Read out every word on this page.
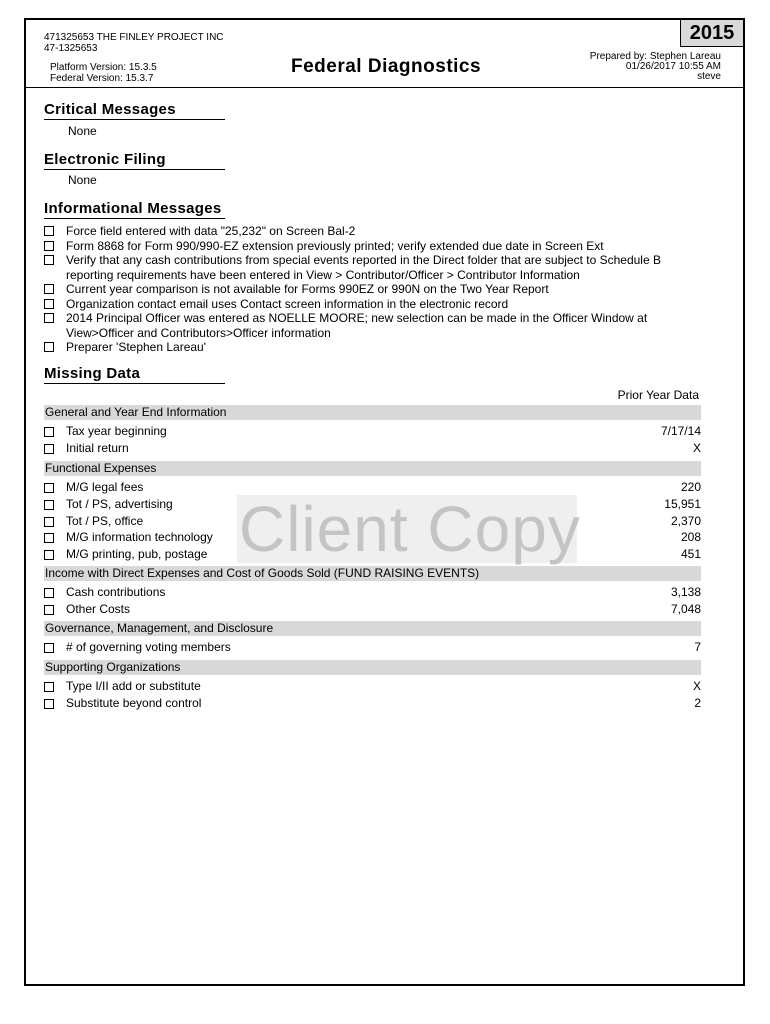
471325653 THE FINLEY PROJECT INC
47-1325653
Platform Version: 15.3.5
Federal Version: 15.3.7
Federal Diagnostics
2015
Prepared by: Stephen Lareau
01/26/2017 10:55 AM
steve
Critical Messages
None
Electronic Filing
None
Informational Messages
Force field entered with data "25,232" on Screen Bal-2
Form 8868 for Form 990/990-EZ extension previously printed; verify extended due date in Screen Ext
Verify that any cash contributions from special events reported in the Direct folder that are subject to Schedule B
reporting requirements have been entered in View > Contributor/Officer > Contributor Information
Current year comparison is not available for Forms 990EZ or 990N on the Two Year Report
Organization contact email uses Contact screen information in the electronic record
2014 Principal Officer was entered as NOELLE MOORE; new selection can be made in the Officer Window at
View>Officer and Contributors>Officer information
Preparer 'Stephen Lareau'
Missing Data
Prior Year Data
Client Copy
General and Year End Information
Tax year beginning	7/17/14
Initial return	X
Functional Expenses
M/G legal fees	220
Tot / PS, advertising	15,951
Tot / PS, office	2,370
M/G information technology	208
M/G printing, pub, postage	451
Income with Direct Expenses and Cost of Goods Sold (FUND RAISING EVENTS)
Cash contributions	3,138
Other Costs	7,048
Governance, Management, and Disclosure
# of governing voting members	7
Supporting Organizations
Type I/II add or substitute	X
Substitute beyond control	2
